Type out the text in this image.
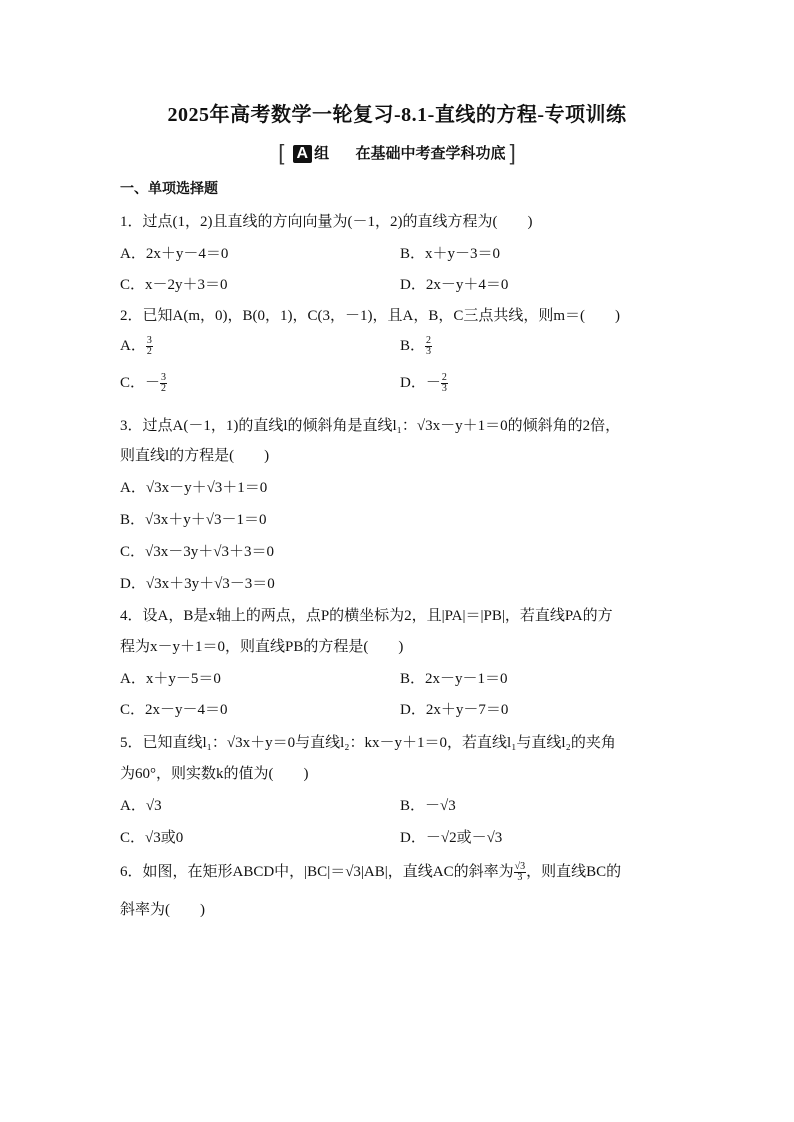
2025年高考数学一轮复习-8.1-直线的方程-专项训练
[ A 组 在基础中考查学科功底 ]
一、单项选择题
1．过点(1，2)且直线的方向向量为(－1，2)的直线方程为(　　)
A．2x＋y－4＝0	B．x＋y－3＝0
C．x－2y＋3＝0	D．2x－y＋4＝0
2．已知A(m，0)，B(0，1)，C(3，－1)，且A，B，C三点共线，则m＝(　　)
A． $\frac{3}{2}$	B． $\frac{2}{3}$
C．－ $\frac{3}{2}$	D．－ $\frac{2}{3}$
3．过点A(－1，1)的直线l的倾斜角是直线l₁：√3x－y＋1＝0的倾斜角的2倍，
则直线l的方程是(　　)
A．√3x－y＋√3＋1＝0
B．√3x＋y＋√3－1＝0
C．√3x－3y＋√3＋3＝0
D．√3x＋3y＋√3－3＝0
4．设A，B是x轴上的两点，点P的横坐标为2，且|PA|＝|PB|，若直线PA的方
程为x－y＋1＝0，则直线PB的方程是(　　)
A．x＋y－5＝0	B．2x－y－1＝0
C．2x－y－4＝0	D．2x＋y－7＝0
5．已知直线l₁：√3x＋y＝0与直线l₂：kx－y＋1＝0，若直线l₁与直线l₂的夹角
为60°，则实数k的值为(　　)
A．√3	B．－√3
C．√3或0	D．－√2或－√3
6．如图，在矩形ABCD中，|BC|＝√3|AB|，直线AC的斜率为 $\frac{√3}{3}$ ，则直线BC的
斜率为(　　)
